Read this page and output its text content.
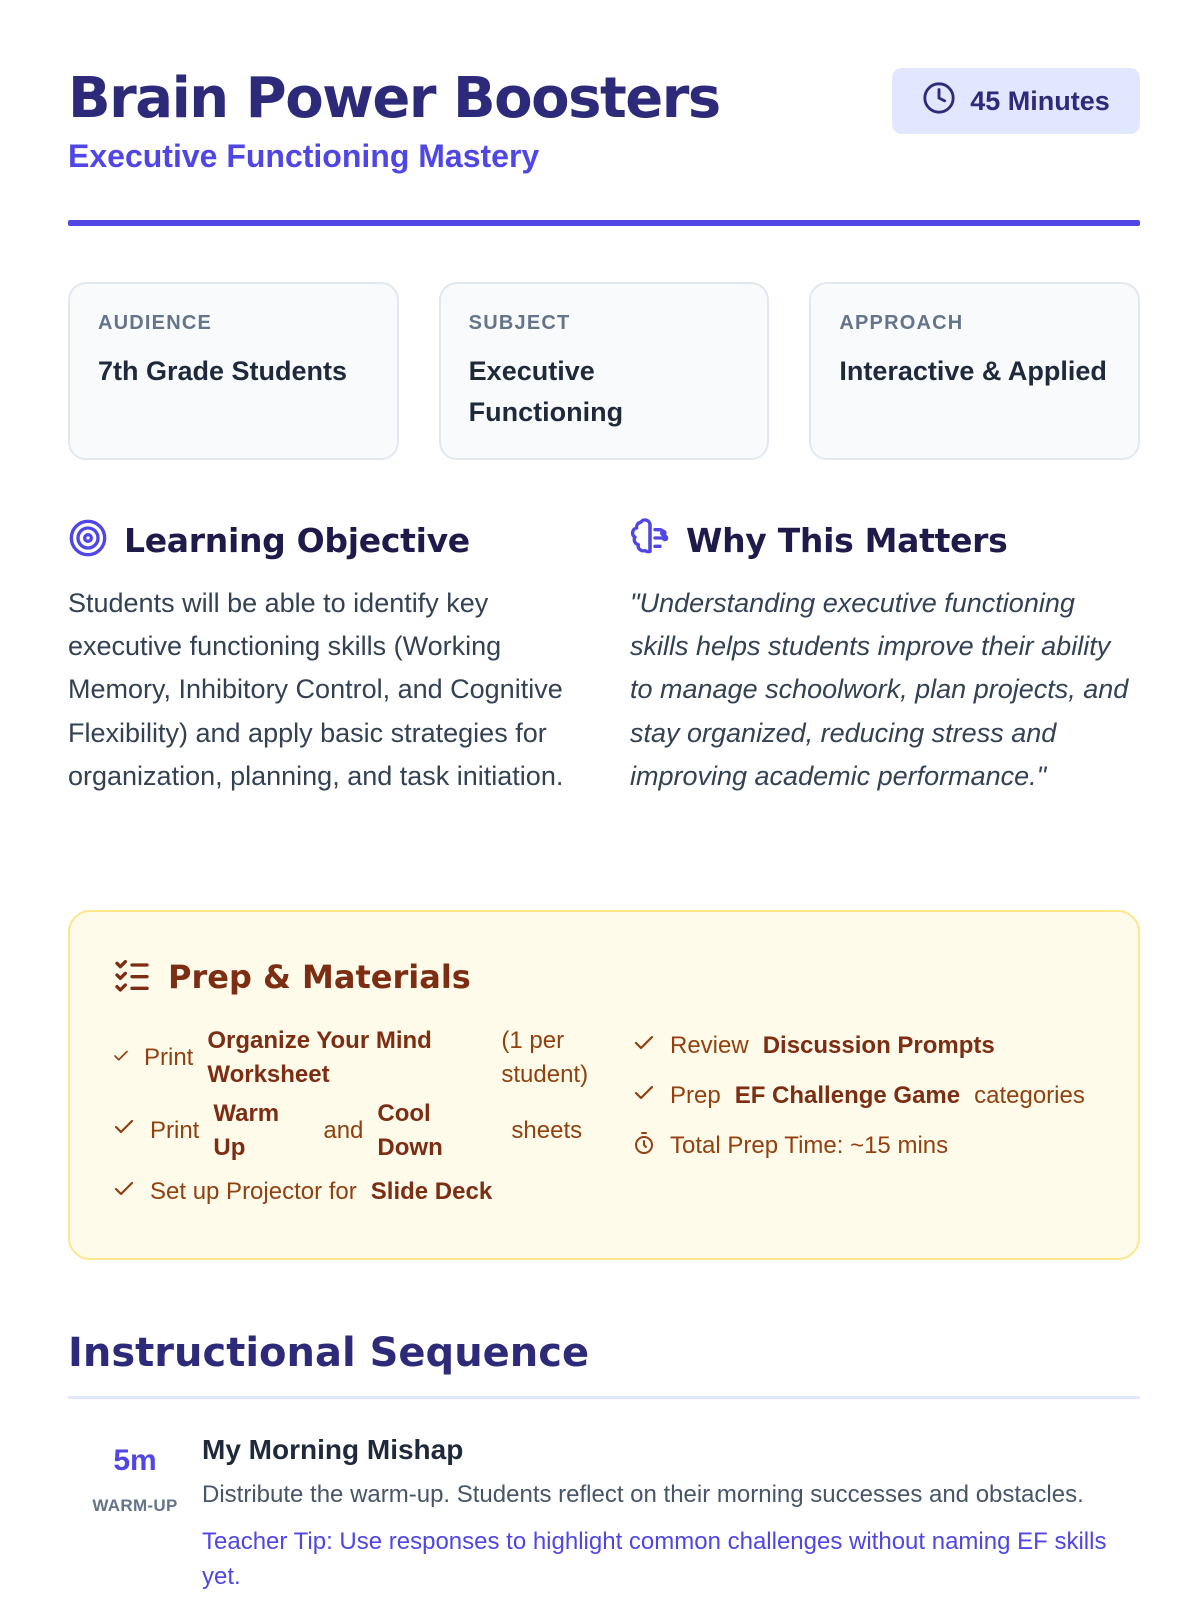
Brain Power Boosters
Executive Functioning Mastery
45 Minutes
AUDIENCE
7th Grade Students
SUBJECT
Executive Functioning
APPROACH
Interactive & Applied
Learning Objective
Students will be able to identify key executive functioning skills (Working Memory, Inhibitory Control, and Cognitive Flexibility) and apply basic strategies for organization, planning, and task initiation.
Why This Matters
"Understanding executive functioning skills helps students improve their ability to manage schoolwork, plan projects, and stay organized, reducing stress and improving academic performance."
Prep & Materials
Print
Organize Your Mind Worksheet
(1 per student)
Print
Warm Up
and
Cool Down
sheets
Set up Projector for Slide Deck
Review Discussion Prompts
Prep EF Challenge Game categories
Total Prep Time: ~15 mins
Instructional Sequence
5m
WARM-UP
My Morning Mishap
Distribute the warm-up. Students reflect on their morning successes and obstacles.
Teacher Tip: Use responses to highlight common challenges without naming EF skills yet.
